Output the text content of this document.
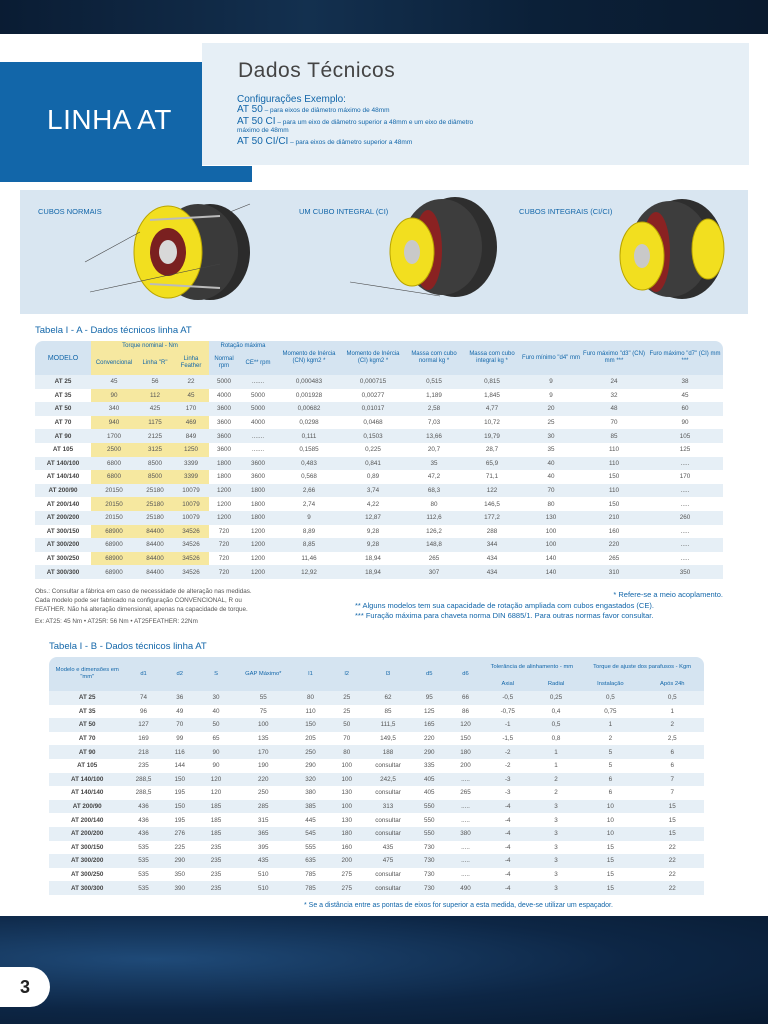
LINHA AT
Dados Técnicos
Configurações Exemplo:
AT 50 – para eixos de diâmetro máximo de 48mm
AT 50 CI – para um eixo de diâmetro superior a 48mm e um eixo de diâmetro máximo de 48mm
AT 50 CI/CI – para eixos de diâmetro superior a 48mm
CUBOS NORMAIS	UM CUBO INTEGRAL (CI)	CUBOS INTEGRAIS (CI/CI)
Tabela I - A - Dados técnicos linha AT
MODELO	Torque nominal - Nm			Rotação máxima		Momento de Inércia (CN) kgm2 *	Momento de Inércia (CI) kgm2 *	Massa com cubo normal kg *	Massa com cubo integral kg *	Furo mínimo "d4" mm	Furo máximo "d3" (CN) mm ***	Furo máximo "d7" (CI) mm ***
	Convencional	Linha "R"	Linha Feather	Normal rpm	CE** rpm							
AT 25	45	56	22	5000	.......	0,000483	0,000715	0,515	0,815	9	24	38
AT 35	90	112	45	4000	5000	0,001928	0,00277	1,189	1,845	9	32	45
AT 50	340	425	170	3600	5000	0,00682	0,01017	2,58	4,77	20	48	60
AT 70	940	1175	469	3600	4000	0,0298	0,0468	7,03	10,72	25	70	90
AT 90	1700	2125	849	3600	.......	0,111	0,1503	13,66	19,79	30	85	105
AT 105	2500	3125	1250	3600	.......	0,1585	0,225	20,7	28,7	35	110	125
AT 140/100	6800	8500	3399	1800	3600	0,483	0,841	35	65,9	40	110	.....
AT 140/140	6800	8500	3399	1800	3600	0,568	0,89	47,2	71,1	40	150	170
AT 200/90	20150	25180	10079	1200	1800	2,66	3,74	68,3	122	70	110	.....
AT 200/140	20150	25180	10079	1200	1800	2,74	4,22	80	146,5	80	150	.....
AT 200/200	20150	25180	10079	1200	1800	9	12,87	112,6	177,2	130	210	260
AT 300/150	68900	84400	34526	720	1200	8,89	9,28	126,2	288	100	160	.....
AT 300/200	68900	84400	34526	720	1200	8,85	9,28	148,8	344	100	220	.....
AT 300/250	68900	84400	34526	720	1200	11,46	18,94	265	434	140	265	.....
AT 300/300	68900	84400	34526	720	1200	12,92	18,94	307	434	140	310	350
Obs.: Consultar a fábrica em caso de necessidade de alteração nas medidas.
Cada modelo pode ser fabricado na configuração CONVENCIONAL, R ou
FEATHER. Não há alteração dimensional, apenas na capacidade de torque.
Ex: AT25: 45 Nm • AT25R: 56 Nm • AT25FEATHER: 22Nm
* Refere-se a meio acoplamento.
** Alguns modelos tem sua capacidade de rotação ampliada com cubos engastados (CE).
*** Furação máxima para chaveta norma DIN 6885/1. Para outras normas favor consultar.
Tabela I - B - Dados técnicos linha AT
Modelo e dimensões em "mm"	d1	d2	S	GAP Máximo*	l1	l2	l3	d5	d6	Tolerância de alinhamento - mm		Torque de ajuste dos parafusos - Kgm	
										Axial	Radial	Instalação	Após 24h
AT 25	74	36	30	55	80	25	62	95	66	-0,5	0,25	0,5	0,5
AT 35	96	49	40	75	110	25	85	125	86	-0,75	0,4	0,75	1
AT 50	127	70	50	100	150	50	111,5	165	120	-1	0,5	1	2
AT 70	169	99	65	135	205	70	149,5	220	150	-1,5	0,8	2	2,5
AT 90	218	116	90	170	250	80	188	290	180	-2	1	5	6
AT 105	235	144	90	190	290	100	consultar	335	200	-2	1	5	6
AT 140/100	288,5	150	120	220	320	100	242,5	405	.....	-3	2	6	7
AT 140/140	288,5	195	120	250	380	130	consultar	405	265	-3	2	6	7
AT 200/90	436	150	185	285	385	100	313	550	.....	-4	3	10	15
AT 200/140	436	195	185	315	445	130	consultar	550	.....	-4	3	10	15
AT 200/200	436	276	185	365	545	180	consultar	550	380	-4	3	10	15
AT 300/150	535	225	235	395	555	160	435	730	.....	-4	3	15	22
AT 300/200	535	290	235	435	635	200	475	730	.....	-4	3	15	22
AT 300/250	535	350	235	510	785	275	consultar	730	.....	-4	3	15	22
AT 300/300	535	390	235	510	785	275	consultar	730	490	-4	3	15	22
* Se a distância entre as pontas de eixos for superior a esta medida, deve-se utilizar um espaçador.
3
